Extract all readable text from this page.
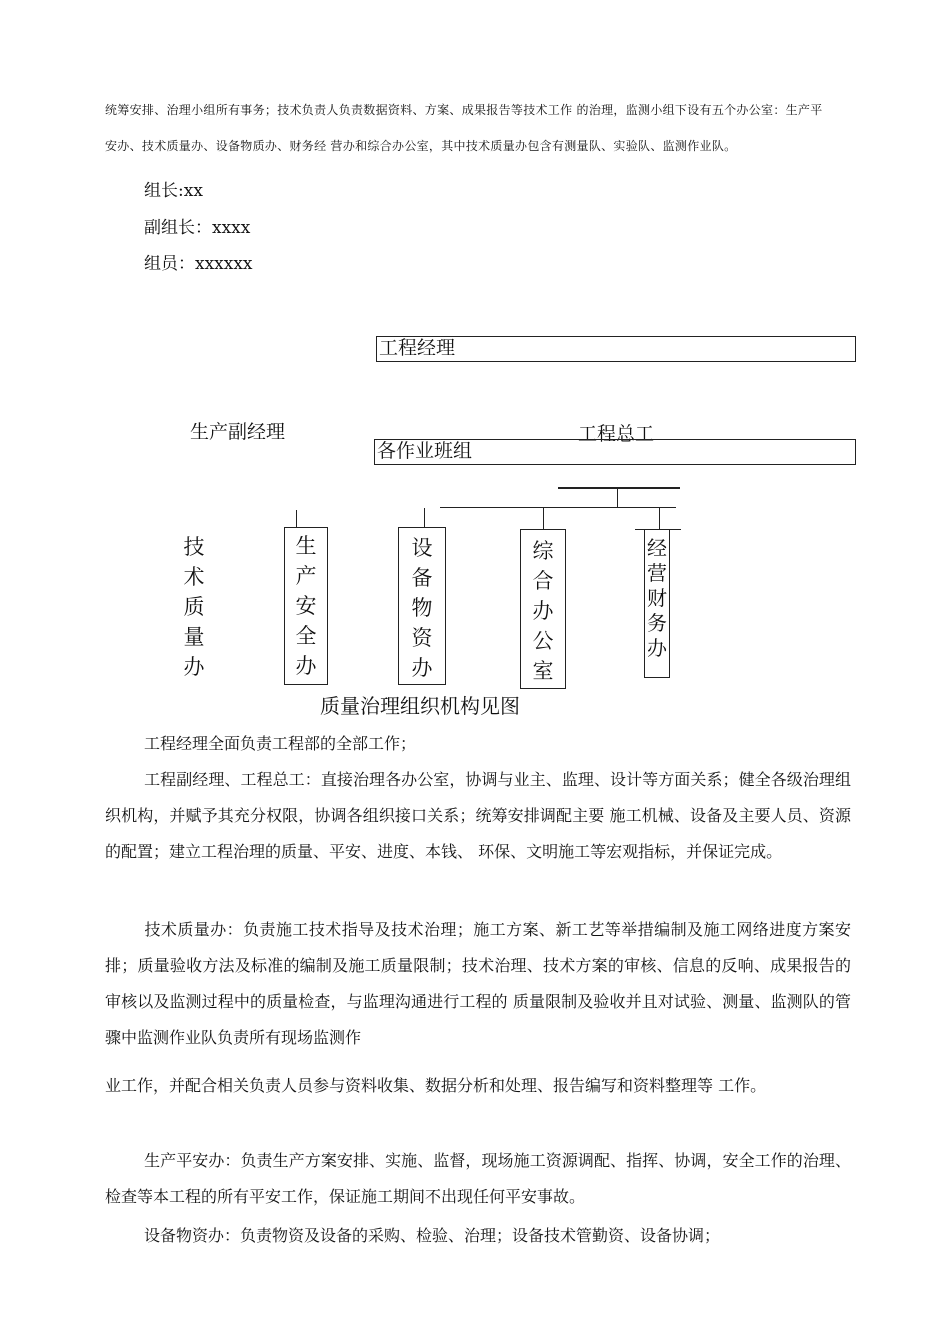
统筹安排、治理小组所有事务；技术负责人负责数据资料、方案、成果报告等技术工作 的治理，监测小组下设有五个办公室：生产平
安办、技术质量办、设备物质办、财务经 营办和综合办公室，其中技术质量办包含有测量队、实验队、监测作业队。
组长:xx
副组长：xxxx
组员：xxxxxx
工程经理
生产副经理	工程总工
各作业班组
技术质量办
生产安全办
设备物资办
综合办公室
经营财务办
质量治理组织机构见图
工程经理全面负责工程部的全部工作；
工程副经理、工程总工：直接治理各办公室，协调与业主、监理、设计等方面关系；健全各级治理组织机构，并赋予其充分权限，协调各组织接口关系；统筹安排调配主要 施工机械、设备及主要人员、资源的配置；建立工程治理的质量、平安、进度、本钱、 环保、文明施工等宏观指标，并保证完成。
技术质量办：负责施工技术指导及技术治理；施工方案、新工艺等举措编制及施工网络进度方案安排；质量验收方法及标准的编制及施工质量限制；技术治理、技术方案的审核、信息的反响、成果报告的审核以及监测过程中的质量检查，与监理沟通进行工程的 质量限制及验收并且对试验、测量、监测队的管骤中监测作业队负责所有现场监测作
业工作，并配合相关负责人员参与资料收集、数据分析和处理、报告编写和资料整理等 工作。
生产平安办：负责生产方案安排、实施、监督，现场施工资源调配、指挥、协调，安全工作的治理、检查等本工程的所有平安工作，保证施工期间不出现任何平安事故。
设备物资办：负责物资及设备的采购、检验、治理；设备技术管勤资、设备协调；
